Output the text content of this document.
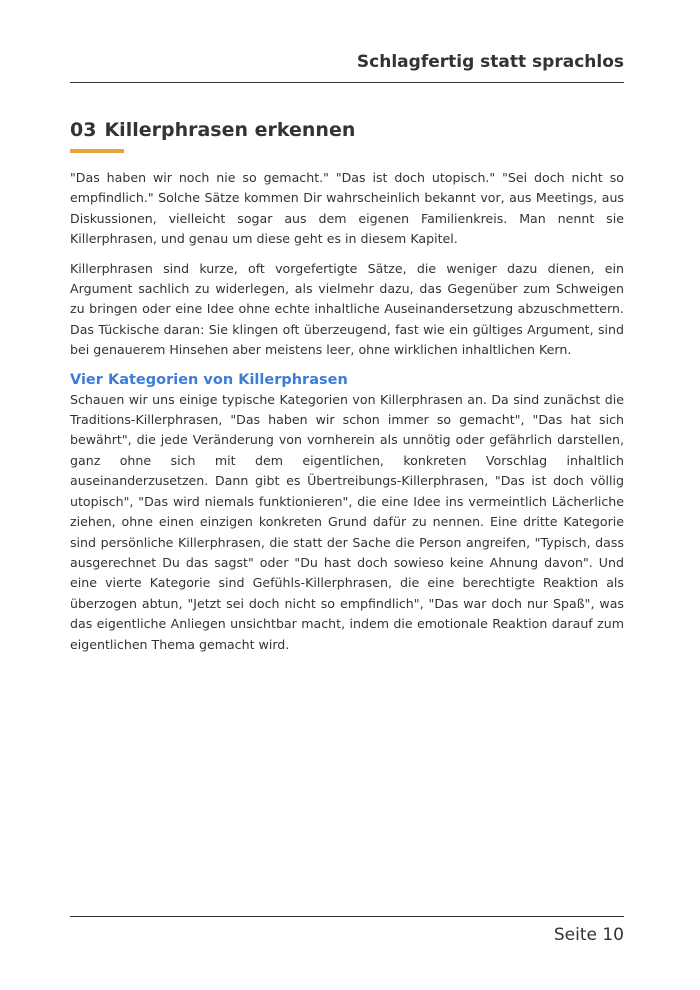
Schlagfertig statt sprachlos
03 Killerphrasen erkennen

"Das haben wir noch nie so gemacht." "Das ist doch utopisch." "Sei doch nicht so empfindlich." Solche Sätze kommen Dir wahrscheinlich bekannt vor, aus Meetings, aus Diskussionen, vielleicht sogar aus dem eigenen Familienkreis. Man nennt sie Killerphrasen, und genau um diese geht es in diesem Kapitel.

Killerphrasen sind kurze, oft vorgefertigte Sätze, die weniger dazu dienen, ein Argument sachlich zu widerlegen, als vielmehr dazu, das Gegenüber zum Schweigen zu bringen oder eine Idee ohne echte inhaltliche Auseinandersetzung abzuschmettern. Das Tückische daran: Sie klingen oft überzeugend, fast wie ein gültiges Argument, sind bei genauerem Hinsehen aber meistens leer, ohne wirklichen inhaltlichen Kern.

Vier Kategorien von Killerphrasen

Schauen wir uns einige typische Kategorien von Killerphrasen an. Da sind zunächst die Traditions-Killerphrasen, "Das haben wir schon immer so gemacht", "Das hat sich bewährt", die jede Veränderung von vornherein als unnötig oder gefährlich darstellen, ganz ohne sich mit dem eigentlichen, konkreten Vorschlag inhaltlich auseinanderzusetzen. Dann gibt es Übertreibungs-Killerphrasen, "Das ist doch völlig utopisch", "Das wird niemals funktionieren", die eine Idee ins vermeintlich Lächerliche ziehen, ohne einen einzigen konkreten Grund dafür zu nennen. Eine dritte Kategorie sind persönliche Killerphrasen, die statt der Sache die Person angreifen, "Typisch, dass ausgerechnet Du das sagst" oder "Du hast doch sowieso keine Ahnung davon". Und eine vierte Kategorie sind Gefühls-Killerphrasen, die eine berechtigte Reaktion als überzogen abtun, "Jetzt sei doch nicht so empfindlich", "Das war doch nur Spaß", was das eigentliche Anliegen unsichtbar macht, indem die emotionale Reaktion darauf zum eigentlichen Thema gemacht wird.

Seite 10
